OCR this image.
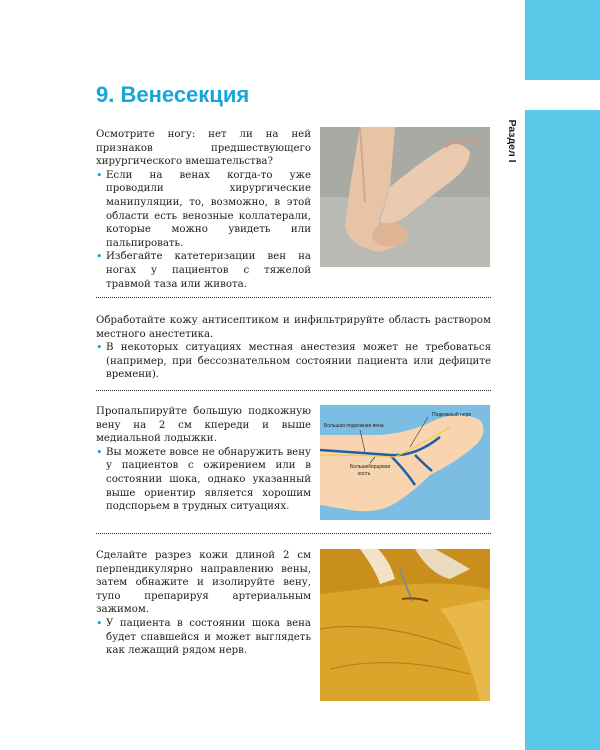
33
9. Венесекция
Раздел I
Раздел II
Раздел III
Раздел IV
Раздел V
Раздел VI
Раздел VII

Осмотрите ногу: нет ли на ней признаков предшествующего хирургического вмешательства?

• Если на венах когда-то уже проводили хирургические манипуляции, то, возможно, в этой области есть венозные коллатерали, которые можно увидеть или пальпировать.
• Избегайте катетеризации вен на ногах у пациентов с тяжелой травмой таза или живота.

Обработайте кожу антисептиком и инфильтрируйте область раствором местного анестетика.

• В некоторых ситуациях местная анестезия может не требоваться (например, при бессознательном состоянии пациента или дефиците времени).

Пропальпируйте большую подкожную вену на 2 см кпереди и выше медиальной лодыжки.

• Вы можете вовсе не обнаружить вену у пациентов с ожирением или в состоянии шока, однако указанный выше ориентир является хорошим подспорьем в трудных ситуациях.
Подкожный нерв
Большая подкожная вена
Большеберцовая
кость

Сделайте разрез кожи длиной 2 см перпендикулярно направлению вены, затем обнажите и изолируйте вену, тупо препарируя артериальным зажимом.

• У пациента в состоянии шока вена будет спавшейся и может выглядеть как лежащий рядом нерв.
